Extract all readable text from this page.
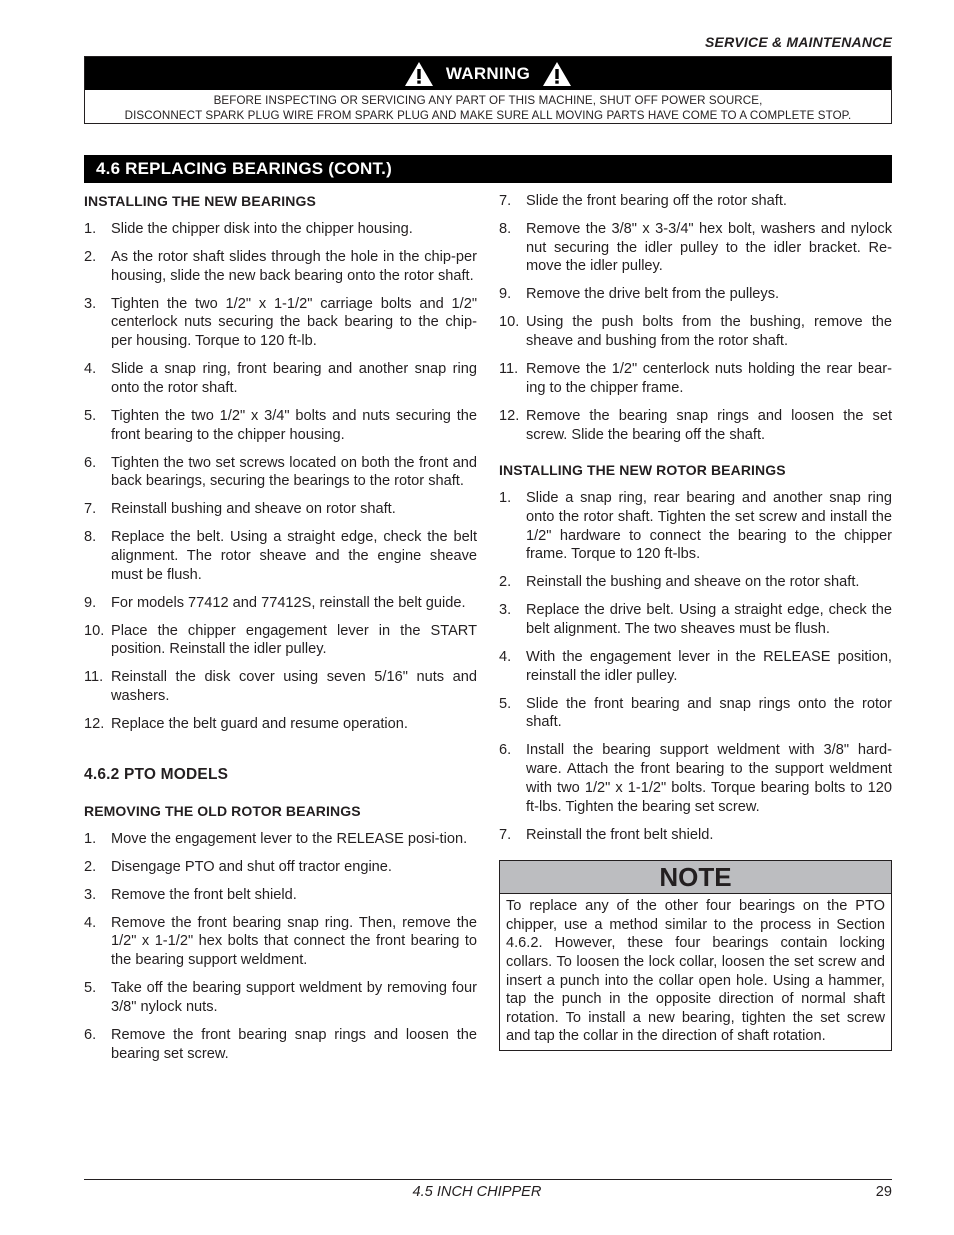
SERVICE & MAINTENANCE
WARNING
BEFORE INSPECTING OR SERVICING ANY PART OF THIS MACHINE, SHUT OFF POWER SOURCE,
DISCONNECT SPARK PLUG WIRE FROM SPARK PLUG AND MAKE SURE ALL MOVING PARTS HAVE COME TO A COMPLETE STOP.
4.6 REPLACING BEARINGS (CONT.)
INSTALLING THE NEW BEARINGS
1.	Slide the chipper disk into the chipper housing.
2.	As the rotor shaft slides through the hole in the chip-per housing, slide the new back bearing onto the rotor shaft.
3.	Tighten the two 1/2" x 1-1/2" carriage bolts and 1/2" centerlock nuts securing the back bearing to the chip-per housing. Torque to 120 ft-lb.
4.	Slide a snap ring, front bearing and another snap ring onto the rotor shaft.
5.	Tighten the two 1/2" x 3/4" bolts and nuts securing the front bearing to the chipper housing.
6.	Tighten the two set screws located on both the front and back bearings, securing the bearings to the rotor shaft.
7.	Reinstall bushing and sheave on rotor shaft.
8.	Replace the belt. Using a straight edge, check the belt alignment. The rotor sheave and the engine sheave must be flush.
9.	For models 77412 and 77412S, reinstall the belt guide.
10. Place the chipper engagement lever in the START position. Reinstall the idler pulley.
11. Reinstall the disk cover using seven 5/16" nuts and washers.
12. Replace the belt guard and resume operation.
4.6.2 PTO MODELS
REMOVING THE OLD ROTOR BEARINGS
1.	Move the engagement lever to the RELEASE posi-tion.
2.	Disengage PTO and shut off tractor engine.
3.	Remove the front belt shield.
4.	Remove the front bearing snap ring. Then, remove the 1/2" x 1-1/2" hex bolts that connect the front bearing to the bearing support weldment.
5.	Take off the bearing support weldment by removing four 3/8" nylock nuts.
6.	Remove the front bearing snap rings and loosen the bearing set screw.
7.	Slide the front bearing off the rotor shaft.
8.	Remove the 3/8" x 3-3/4" hex bolt, washers and nylock nut securing the idler pulley to the idler bracket. Re-move the idler pulley.
9.	Remove the drive belt from the pulleys.
10. Using the push bolts from the bushing, remove the sheave and bushing from the rotor shaft.
11. Remove the 1/2" centerlock nuts holding the rear bear-ing to the chipper frame.
12. Remove the bearing snap rings and loosen the set screw. Slide the bearing off the shaft.
INSTALLING THE NEW ROTOR BEARINGS
1.	Slide a snap ring, rear bearing and another snap ring onto the rotor shaft. Tighten the set screw and install the 1/2" hardware to connect the bearing to the chipper frame. Torque to 120 ft-lbs.
2.	Reinstall the bushing and sheave on the rotor shaft.
3.	Replace the drive belt. Using a straight edge, check the belt alignment. The two sheaves must be flush.
4.	With the engagement lever in the RELEASE position, reinstall the idler pulley.
5.	Slide the front bearing and snap rings onto the rotor shaft.
6.	Install the bearing support weldment with 3/8" hard-ware. Attach the front bearing to the support weldment with two 1/2" x 1-1/2" bolts. Torque bearing bolts to 120 ft-lbs. Tighten the bearing set screw.
7.	Reinstall the front belt shield.
NOTE
To replace any of the other four bearings on the PTO chipper, use a method similar to the process in Section 4.6.2. However, these four bearings contain locking collars. To loosen the lock collar, loosen the set screw and insert a punch into the collar open hole. Using a hammer, tap the punch in the opposite direction of normal shaft rotation. To install a new bearing, tighten the set screw and tap the collar in the direction of shaft rotation.
4.5 INCH CHIPPER	29
